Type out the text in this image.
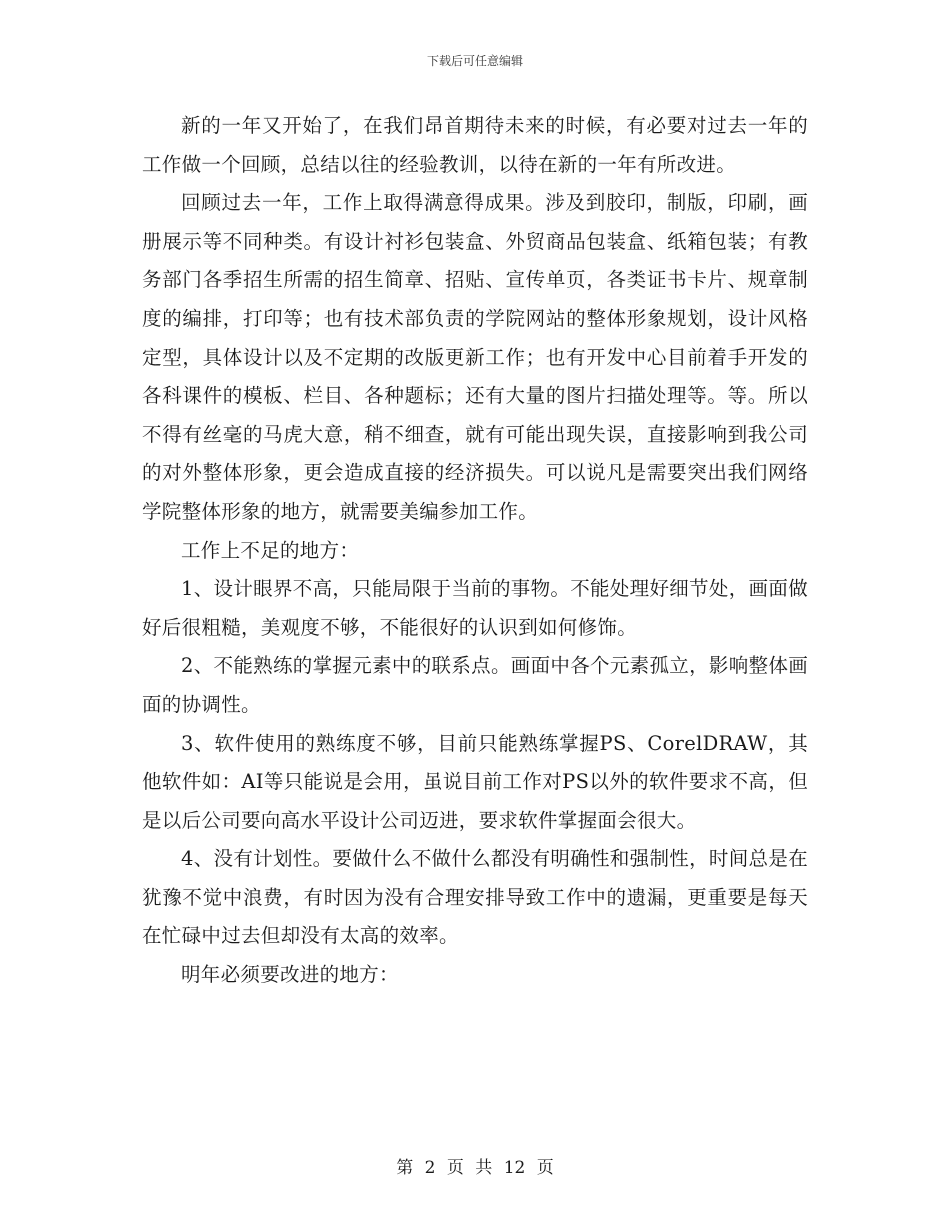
下载后可任意编辑

新的一年又开始了，在我们昂首期待未来的时候，有必要对过去一年的工作做一个回顾，总结以往的经验教训，以待在新的一年有所改进。

回顾过去一年，工作上取得满意得成果。涉及到胶印，制版，印刷，画册展示等不同种类。有设计衬衫包装盒、外贸商品包装盒、纸箱包装；有教务部门各季招生所需的招生简章、招贴、宣传单页，各类证书卡片、规章制度的编排，打印等；也有技术部负责的学院网站的整体形象规划，设计风格定型，具体设计以及不定期的改版更新工作；也有开发中心目前着手开发的各科课件的模板、栏目、各种题标；还有大量的图片扫描处理等。等。所以不得有丝毫的马虎大意，稍不细查，就有可能出现失误，直接影响到我公司的对外整体形象，更会造成直接的经济损失。可以说凡是需要突出我们网络学院整体形象的地方，就需要美编参加工作。

工作上不足的地方：

1、设计眼界不高，只能局限于当前的事物。不能处理好细节处，画面做好后很粗糙，美观度不够，不能很好的认识到如何修饰。

2、不能熟练的掌握元素中的联系点。画面中各个元素孤立，影响整体画面的协调性。

3、软件使用的熟练度不够，目前只能熟练掌握PS、CorelDRAW，其他软件如：AI等只能说是会用，虽说目前工作对PS以外的软件要求不高，但是以后公司要向高水平设计公司迈进，要求软件掌握面会很大。

4、没有计划性。要做什么不做什么都没有明确性和强制性，时间总是在犹豫不觉中浪费，有时因为没有合理安排导致工作中的遗漏，更重要是每天在忙碌中过去但却没有太高的效率。

明年必须要改进的地方：

第 2 页 共 12 页
